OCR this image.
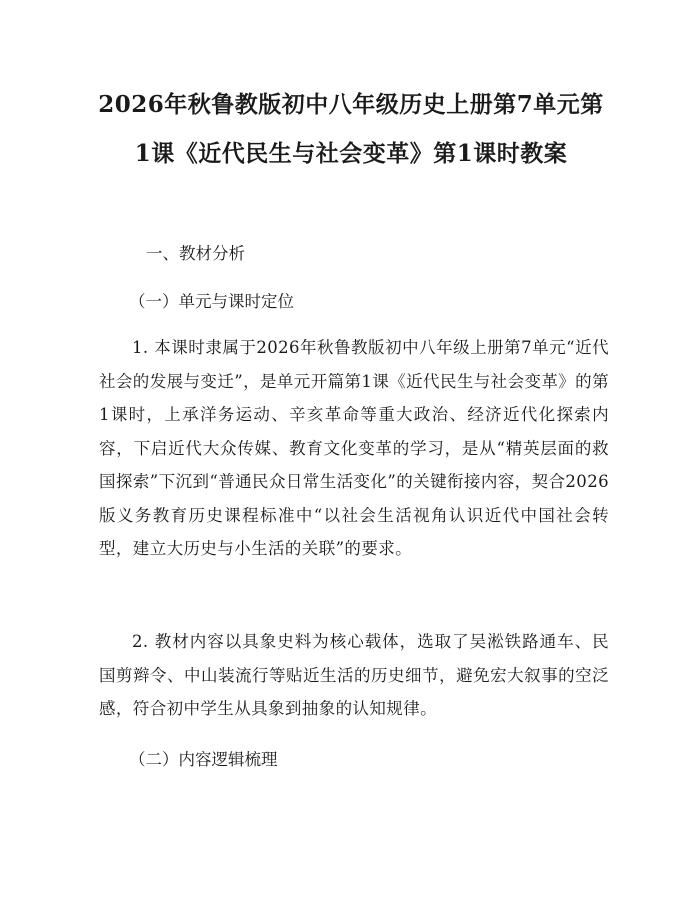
2026年秋鲁教版初中八年级历史上册第7单元第1课《近代民生与社会变革》第1课时教案

一、教材分析

（一）单元与课时定位

1. 本课时隶属于2026年秋鲁教版初中八年级上册第7单元“近代社会的发展与变迁”，是单元开篇第1课《近代民生与社会变革》的第1课时，上承洋务运动、辛亥革命等重大政治、经济近代化探索内容，下启近代大众传媒、教育文化变革的学习，是从“精英层面的救国探索”下沉到“普通民众日常生活变化”的关键衔接内容，契合2026版义务教育历史课程标准中“以社会生活视角认识近代中国社会转型，建立大历史与小生活的关联”的要求。

2. 教材内容以具象史料为核心载体，选取了吴淞铁路通车、民国剪辫令、中山装流行等贴近生活的历史细节，避免宏大叙事的空泛感，符合初中学生从具象到抽象的认知规律。

（二）内容逻辑梳理
